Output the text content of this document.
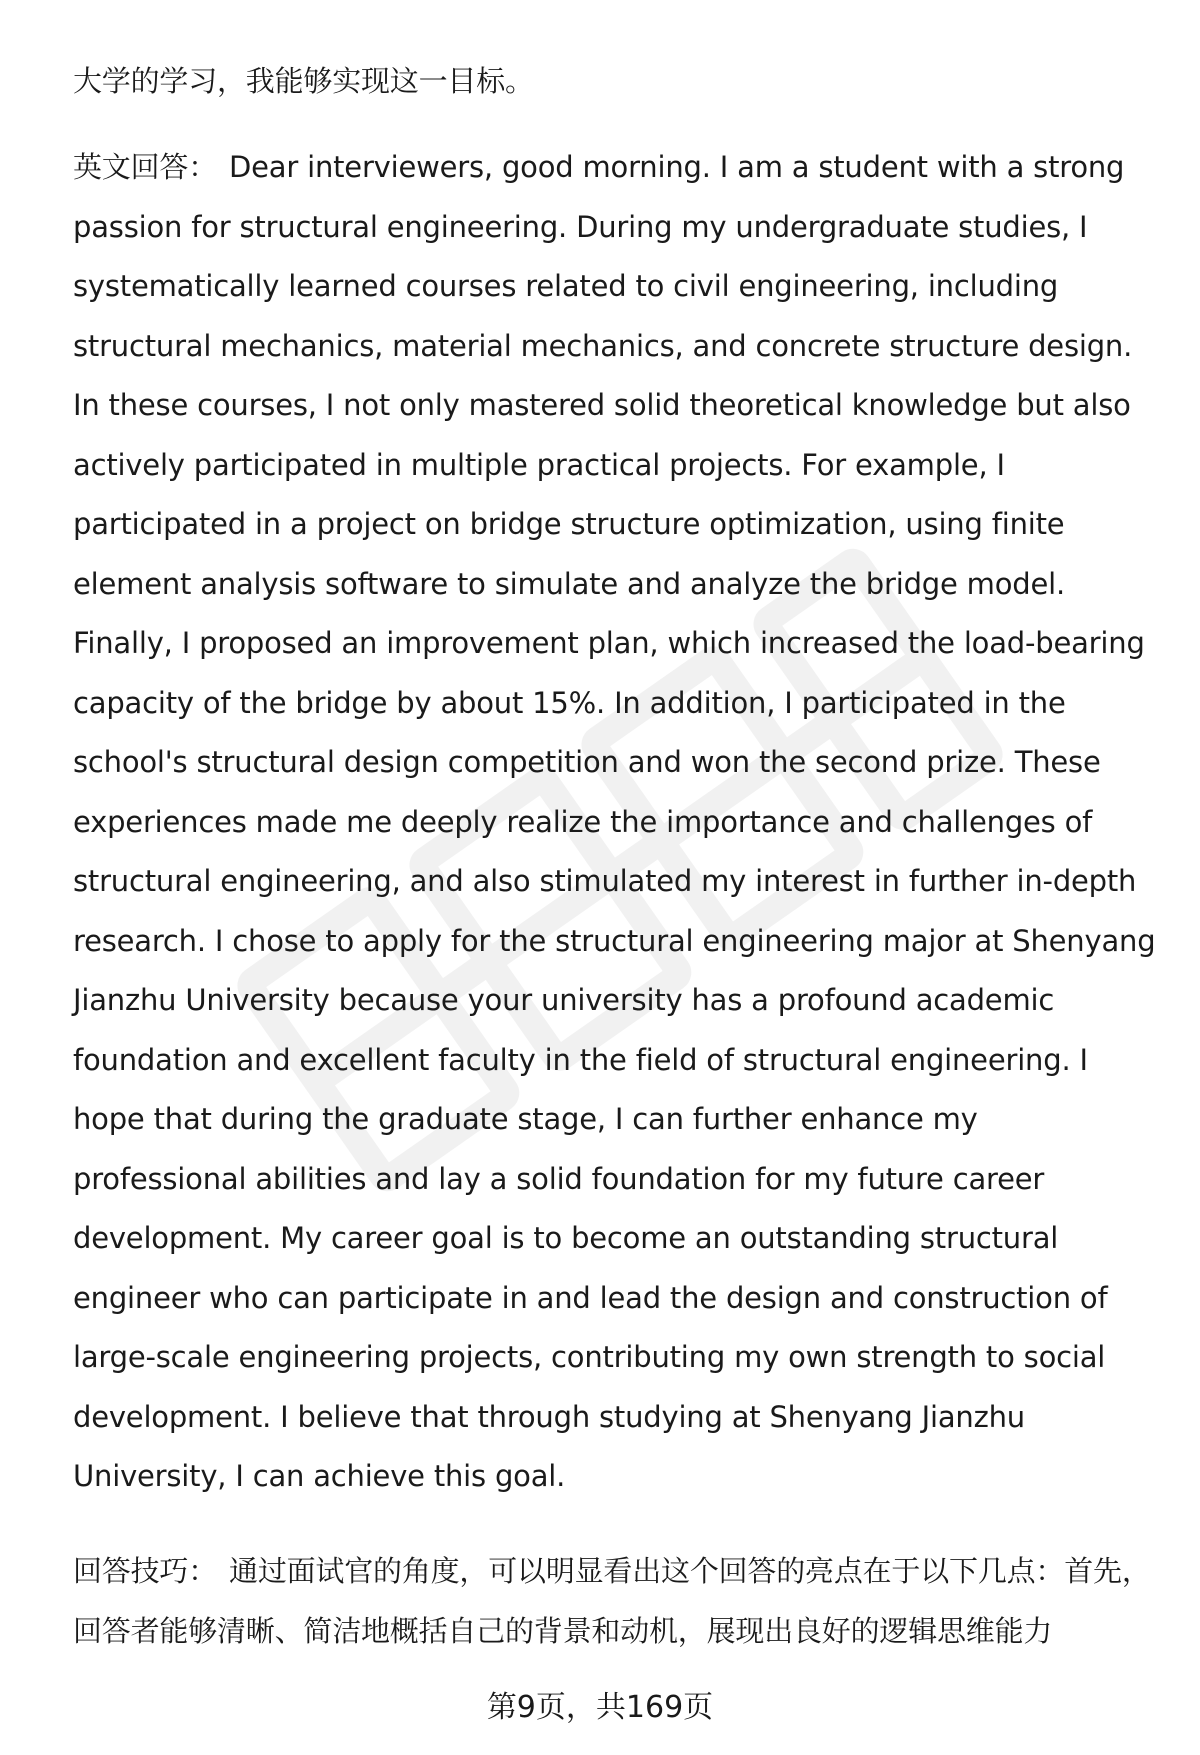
大学的学习，我能够实现这一目标。

英文回答： Dear interviewers, good morning. I am a student with a strong passion for structural engineering. During my undergraduate studies, I systematically learned courses related to civil engineering, including structural mechanics, material mechanics, and concrete structure design. In these courses, I not only mastered solid theoretical knowledge but also actively participated in multiple practical projects. For example, I participated in a project on bridge structure optimization, using finite element analysis software to simulate and analyze the bridge model. Finally, I proposed an improvement plan, which increased the load-bearing capacity of the bridge by about 15%. In addition, I participated in the school's structural design competition and won the second prize. These experiences made me deeply realize the importance and challenges of structural engineering, and also stimulated my interest in further in-depth research. I chose to apply for the structural engineering major at Shenyang Jianzhu University because your university has a profound academic foundation and excellent faculty in the field of structural engineering. I hope that during the graduate stage, I can further enhance my professional abilities and lay a solid foundation for my future career development. My career goal is to become an outstanding structural engineer who can participate in and lead the design and construction of large-scale engineering projects, contributing my own strength to social development. I believe that through studying at Shenyang Jianzhu University, I can achieve this goal.

回答技巧： 通过面试官的角度，可以明显看出这个回答的亮点在于以下几点：首先，回答者能够清晰、简洁地概括自己的背景和动机，展现出良好的逻辑思维能力

第9页，共169页
